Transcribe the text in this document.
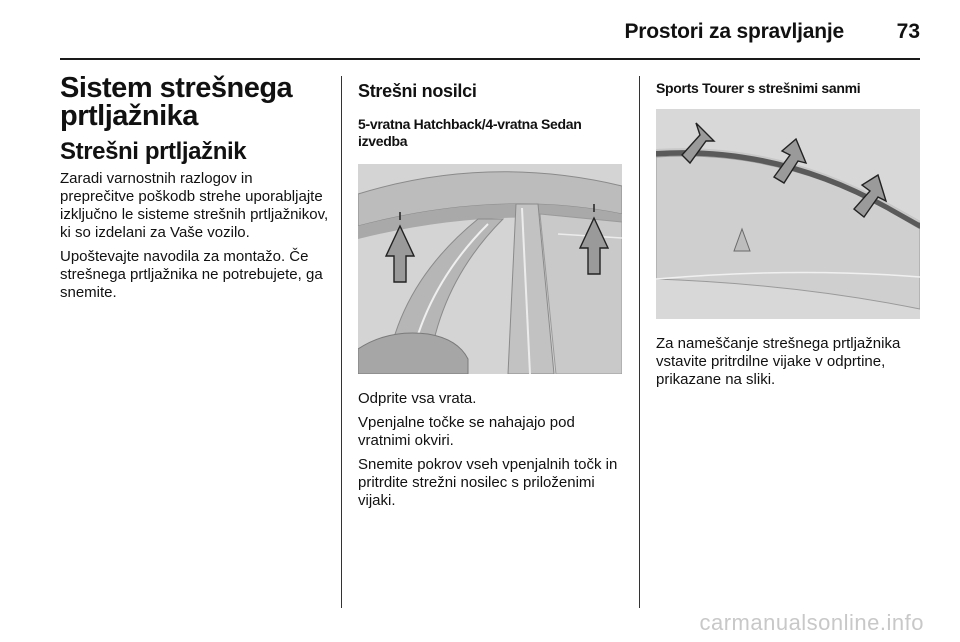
Prostori za spravljanje	73
Sistem strešnega prtljažnika
Strešni prtljažnik

Zaradi varnostnih razlogov in preprečitve poškodb strehe uporabljajte izključno le sisteme strešnih prtljažnikov, ki so izdelani za Vaše vozilo.

Upoštevajte navodila za montažo. Če strešnega prtljažnika ne potrebujete, ga snemite.

Strešni nosilci
5-vratna Hatchback/4-vratna Sedan izvedba

Odprite vsa vrata.

Vpenjalne točke se nahajajo pod vratnimi okviri.

Snemite pokrov vseh vpenjalnih točk in pritrdite strežni nosilec s priloženimi vijaki.

Sports Tourer s strešnimi sanmi

Za nameščanje strešnega prtljažnika vstavite pritrdilne vijake v odprtine, prikazane na sliki.

carmanualsonline.info
